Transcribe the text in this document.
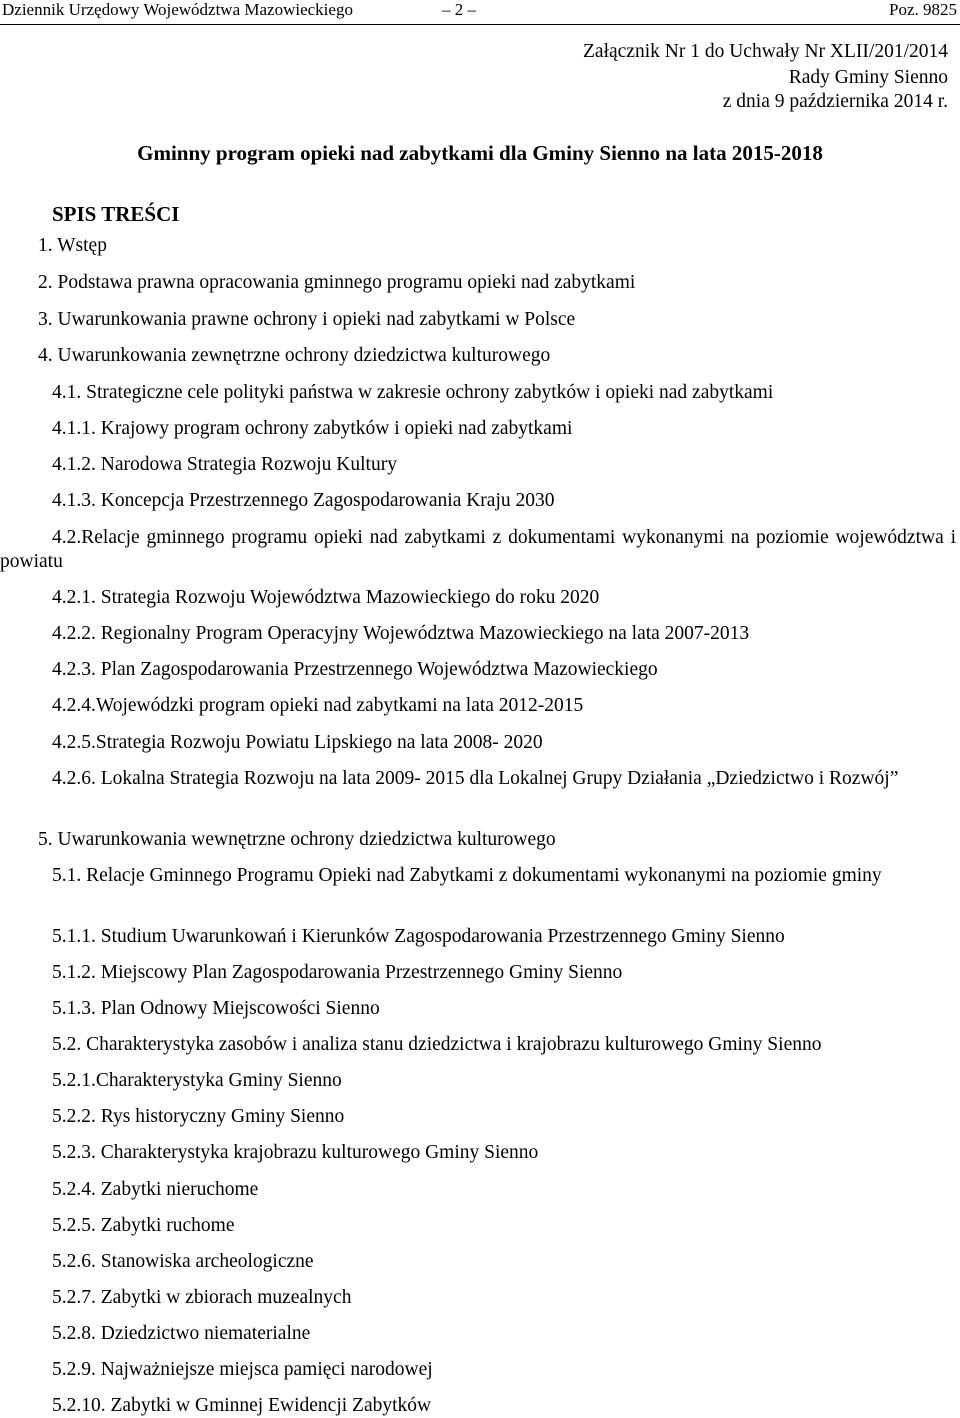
Dziennik Urzędowy Województwa Mazowieckiego	– 2 –	Poz. 9825
Załącznik Nr 1 do Uchwały Nr XLII/201/2014
Rady Gminy Sienno
z dnia 9 października 2014 r.
Gminny program opieki nad zabytkami dla Gminy Sienno na lata 2015-2018
SPIS TREŚCI
1. Wstęp
2. Podstawa prawna opracowania gminnego programu opieki nad zabytkami
3. Uwarunkowania prawne ochrony i opieki nad zabytkami w Polsce
4. Uwarunkowania zewnętrzne ochrony dziedzictwa kulturowego
4.1. Strategiczne cele polityki państwa w zakresie ochrony zabytków i opieki nad zabytkami
4.1.1. Krajowy program ochrony zabytków i opieki nad zabytkami
4.1.2. Narodowa Strategia Rozwoju Kultury
4.1.3. Koncepcja Przestrzennego Zagospodarowania Kraju 2030
4.2.Relacje gminnego programu opieki nad zabytkami z dokumentami wykonanymi na poziomie województwa i powiatu
4.2.1. Strategia Rozwoju Województwa Mazowieckiego do roku 2020
4.2.2. Regionalny Program Operacyjny Województwa Mazowieckiego na lata 2007-2013
4.2.3. Plan Zagospodarowania Przestrzennego Województwa Mazowieckiego
4.2.4.Wojewódzki program opieki nad zabytkami na lata 2012-2015
4.2.5.Strategia Rozwoju Powiatu Lipskiego na lata 2008- 2020
4.2.6. Lokalna Strategia Rozwoju na lata 2009- 2015 dla Lokalnej Grupy Działania „Dziedzictwo i Rozwój”
5. Uwarunkowania wewnętrzne ochrony dziedzictwa kulturowego
5.1. Relacje Gminnego Programu Opieki nad Zabytkami z dokumentami wykonanymi na poziomie gminy
5.1.1. Studium Uwarunkowań i Kierunków Zagospodarowania Przestrzennego Gminy Sienno
5.1.2. Miejscowy Plan Zagospodarowania Przestrzennego Gminy Sienno
5.1.3. Plan Odnowy Miejscowości Sienno
5.2. Charakterystyka zasobów i analiza stanu dziedzictwa i krajobrazu kulturowego Gminy Sienno
5.2.1.Charakterystyka Gminy Sienno
5.2.2. Rys historyczny Gminy Sienno
5.2.3. Charakterystyka krajobrazu kulturowego Gminy Sienno
5.2.4. Zabytki nieruchome
5.2.5. Zabytki ruchome
5.2.6. Stanowiska archeologiczne
5.2.7. Zabytki w zbiorach muzealnych
5.2.8. Dziedzictwo niematerialne
5.2.9. Najważniejsze miejsca pamięci narodowej
5.2.10. Zabytki w Gminnej Ewidencji Zabytków
